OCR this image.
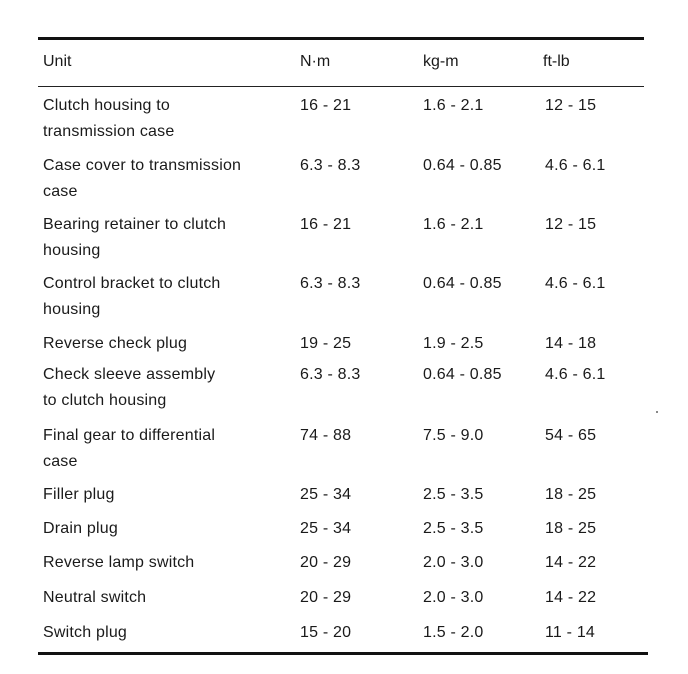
Unit	N·m	kg-m	ft-lb
Clutch housing to
transmission case
16 - 21	1.6 - 2.1	12 - 15
Case cover to transmission
case
6.3 - 8.3	0.64 - 0.85	4.6 - 6.1
Bearing retainer to clutch
housing
16 - 21	1.6 - 2.1	12 - 15
Control bracket to clutch
housing
6.3 - 8.3	0.64 - 0.85	4.6 - 6.1
Reverse check plug	19 - 25	1.9 - 2.5	14 - 18
Check sleeve assembly
to clutch housing
6.3 - 8.3	0.64 - 0.85	4.6 - 6.1
Final gear to differential
case
74 - 88	7.5 - 9.0	54 - 65
Filler plug	25 - 34	2.5 - 3.5	18 - 25
Drain plug	25 - 34	2.5 - 3.5	18 - 25
Reverse lamp switch	20 - 29	2.0 - 3.0	14 - 22
Neutral switch	20 - 29	2.0 - 3.0	14 - 22
Switch plug	15 - 20	1.5 - 2.0	11 - 14
